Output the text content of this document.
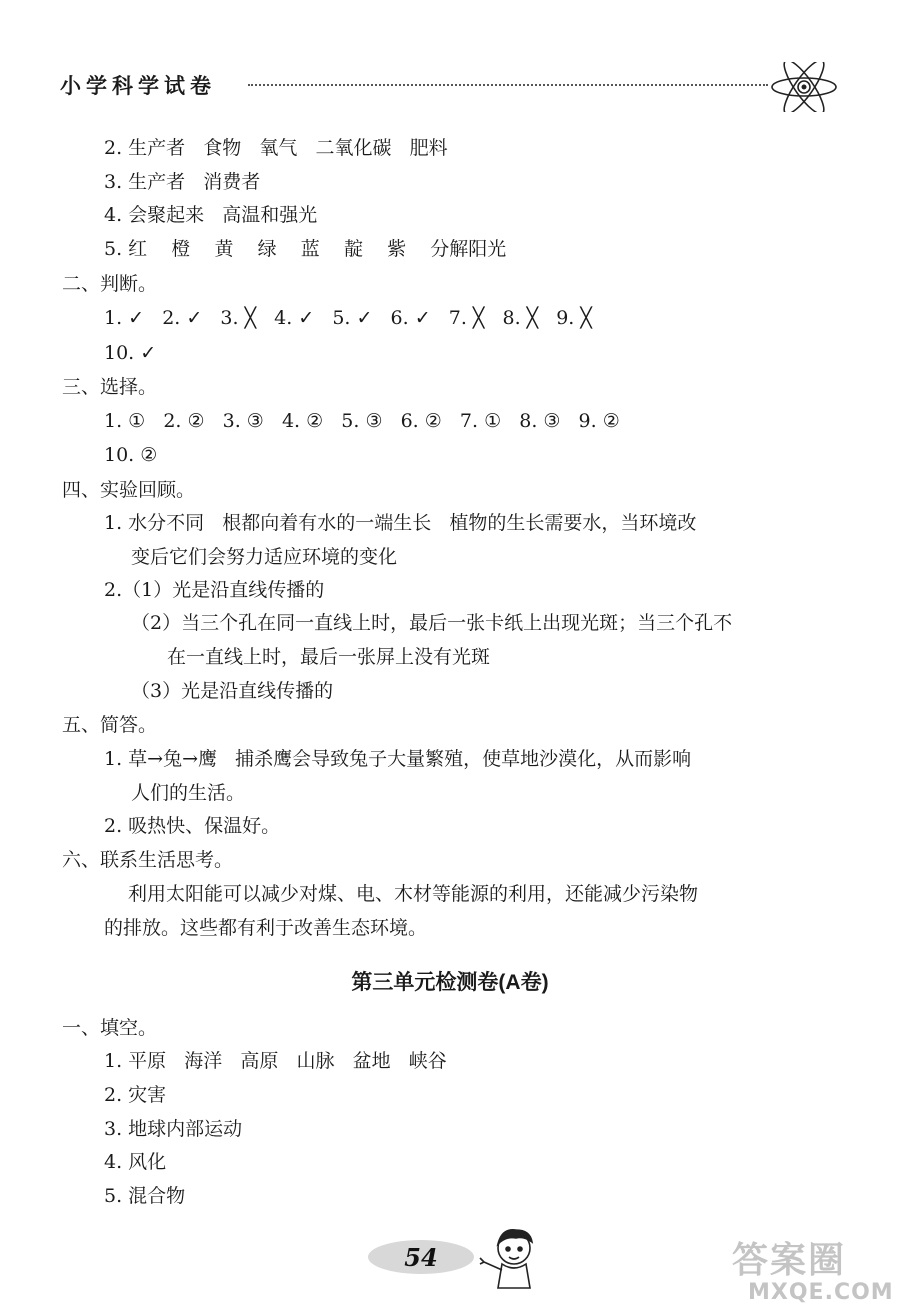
小学科学试卷
2. 生产者   食物   氧气   二氧化碳   肥料
3. 生产者   消费者
4. 会聚起来   高温和强光
5. 红    橙    黄    绿    蓝    靛    紫    分解阳光
二、判断。
1. ✓   2. ✓   3. ╳   4. ✓   5. ✓   6. ✓   7. ╳   8. ╳   9. ╳
10. ✓
三、选择。
1. ①   2. ②   3. ③   4. ②   5. ③   6. ②   7. ①   8. ③   9. ②
10. ②
四、实验回顾。
1. 水分不同   根都向着有水的一端生长   植物的生长需要水，当环境改
变后它们会努力适应环境的变化
2.（1）光是沿直线传播的
（2）当三个孔在同一直线上时，最后一张卡纸上出现光斑；当三个孔不
在一直线上时，最后一张屏上没有光斑
（3）光是沿直线传播的
五、简答。
1. 草→兔→鹰   捕杀鹰会导致兔子大量繁殖，使草地沙漠化，从而影响
人们的生活。
2. 吸热快、保温好。
六、联系生活思考。
利用太阳能可以减少对煤、电、木材等能源的利用，还能减少污染物
的排放。这些都有利于改善生态环境。
第三单元检测卷(A卷)
一、填空。
1. 平原   海洋   高原   山脉   盆地   峡谷
2. 灾害
3. 地球内部运动
4. 风化
5. 混合物
54	答案圈
MXQE.COM
